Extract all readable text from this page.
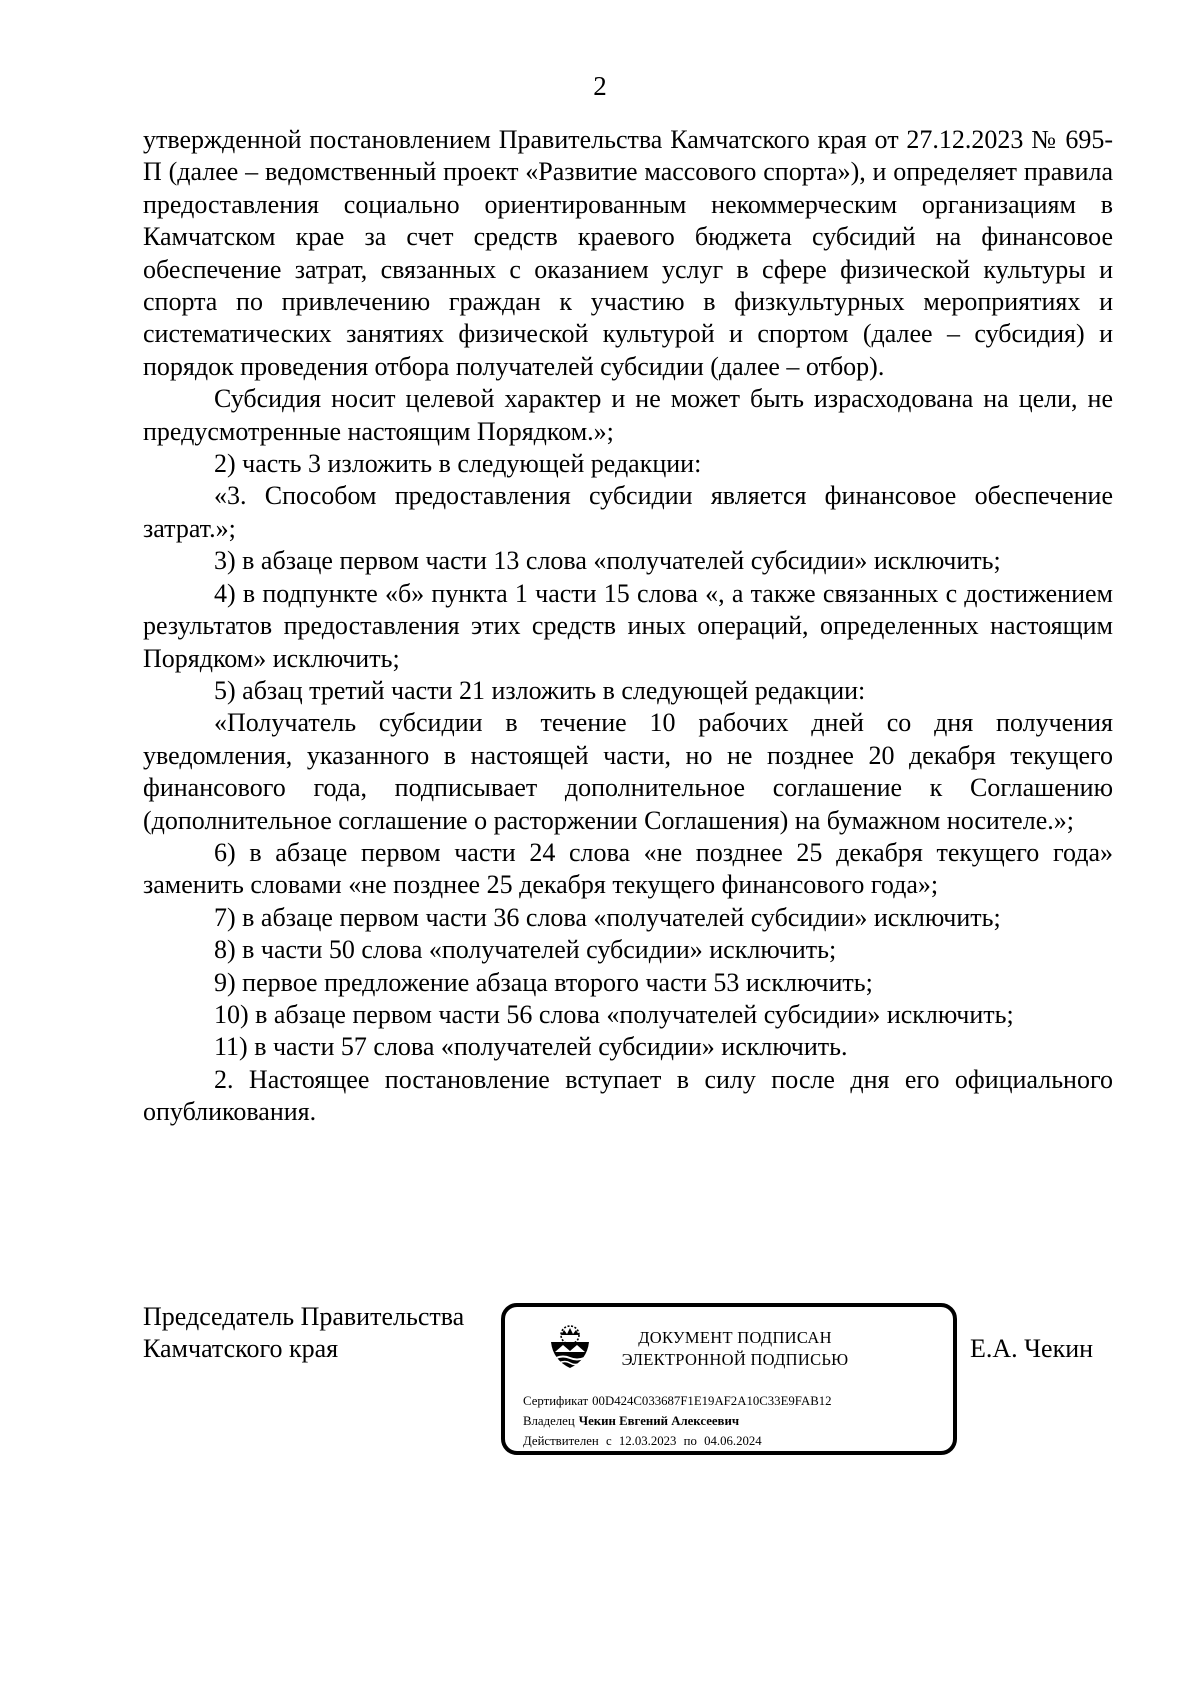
2

утвержденной постановлением Правительства Камчатского края от 27.12.2023 № 695-П (далее – ведомственный проект «Развитие массового спорта»), и определяет правила предоставления социально ориентированным некоммерческим организациям в Камчатском крае за счет средств краевого бюджета субсидий на финансовое обеспечение затрат, связанных с оказанием услуг в сфере физической культуры и спорта по привлечению граждан к участию в физкультурных мероприятиях и систематических занятиях физической культурой и спортом (далее – субсидия) и порядок проведения отбора получателей субсидии (далее – отбор).

Субсидия носит целевой характер и не может быть израсходована на цели, не предусмотренные настоящим Порядком.»;

2) часть 3 изложить в следующей редакции:

«3. Способом предоставления субсидии является финансовое обеспечение затрат.»;

3) в абзаце первом части 13 слова «получателей субсидии» исключить;

4) в подпункте «б» пункта 1 части 15 слова «, а также связанных с достижением результатов предоставления этих средств иных операций, определенных настоящим Порядком» исключить;

5) абзац третий части 21 изложить в следующей редакции:

«Получатель субсидии в течение 10 рабочих дней со дня получения уведомления, указанного в настоящей части, но не позднее 20 декабря текущего финансового года, подписывает дополнительное соглашение к Соглашению (дополнительное соглашение о расторжении Соглашения) на бумажном носителе.»;

6) в абзаце первом части 24 слова «не позднее 25 декабря текущего года» заменить словами «не позднее 25 декабря текущего финансового года»;

7) в абзаце первом части 36 слова «получателей субсидии» исключить;

8) в части 50 слова «получателей субсидии» исключить;

9) первое предложение абзаца второго части 53 исключить;

10) в абзаце первом части 56 слова «получателей субсидии» исключить;

11) в части 57 слова «получателей субсидии» исключить.

2. Настоящее постановление вступает в силу после дня его официального опубликования.

Председатель Правительства
Камчатского края	ДОКУМЕНТ ПОДПИСАН
ЭЛЕКТРОННОЙ ПОДПИСЬЮ
Сертификат 00D424C033687F1E19AF2A10C33E9FAB12
Владелец Чекин Евгений Алексеевич
Действителен с 12.03.2023 по 04.06.2024
Е.А. Чекин
